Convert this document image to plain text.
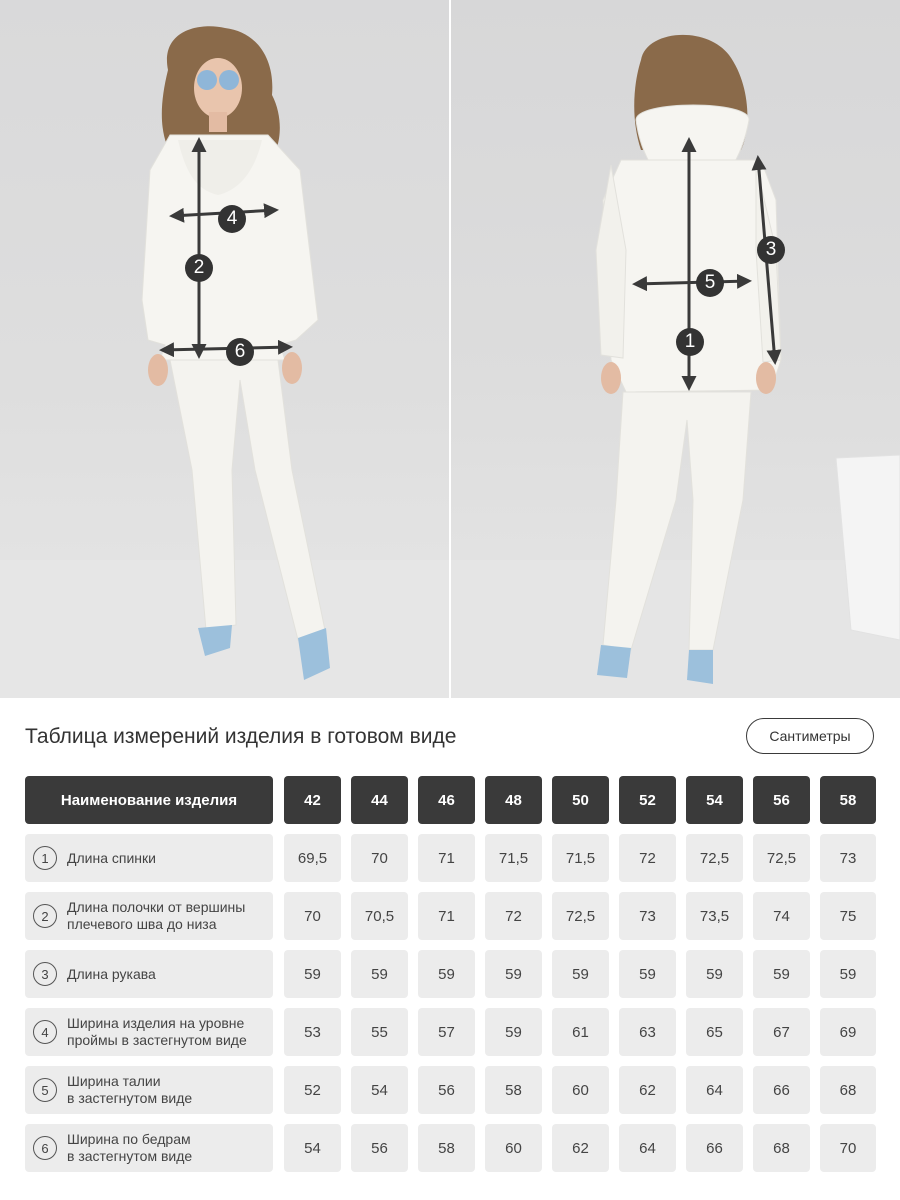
4
2
6
3
5
1
Таблица измерений изделия в готовом виде	Сантиметры
Наименование изделия	42	44	46	48	50	52	54	56	58
1	Длина спинки	69,5	70	71	71,5	71,5	72	72,5	72,5	73
2
Длина полочки от вершины
плечевого шва до низа	70	70,5	71	72	72,5	73	73,5	74	75
3	Длина рукава	59	59	59	59	59	59	59	59	59
4
Ширина изделия на уровне
проймы в застегнутом виде	53	55	57	59	61	63	65	67	69
5
Ширина талии
в застегнутом виде	52	54	56	58	60	62	64	66	68
6
Ширина по бедрам
в застегнутом виде	54	56	58	60	62	64	66	68	70
